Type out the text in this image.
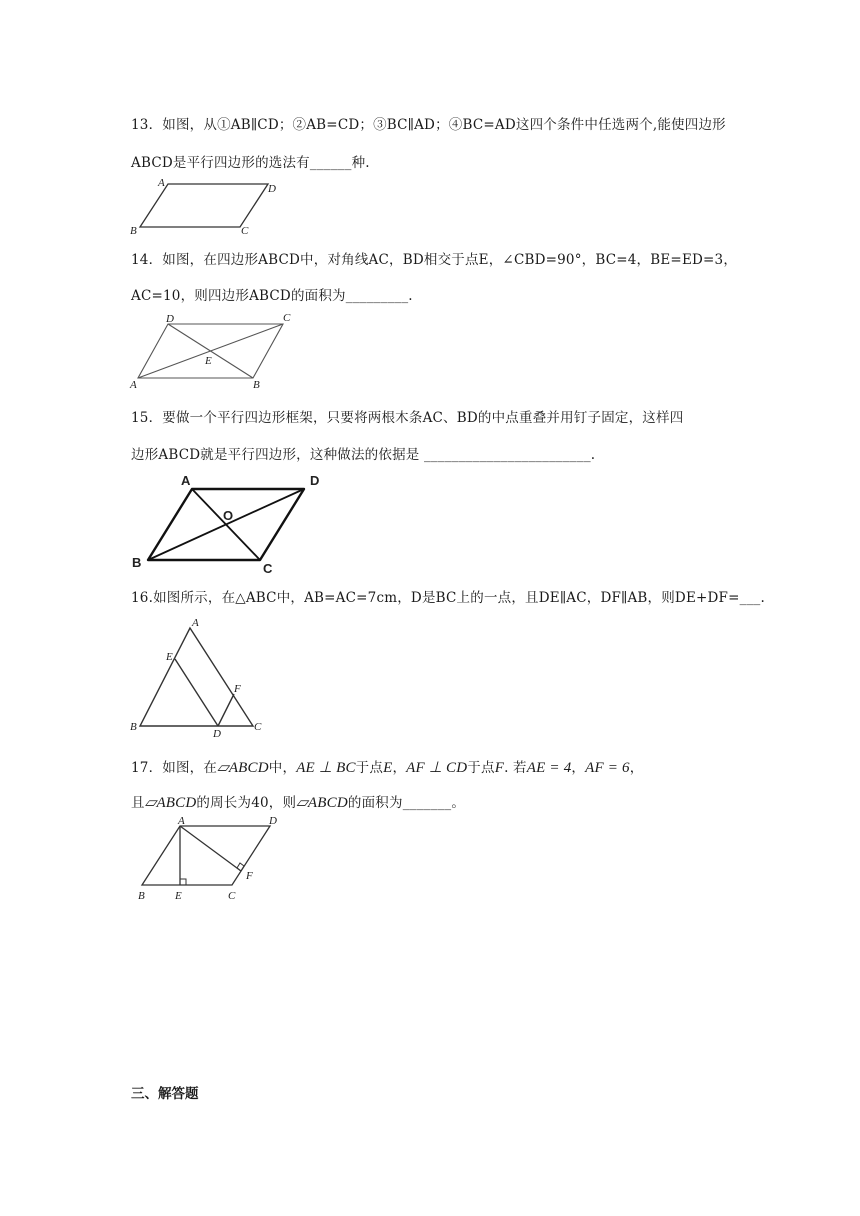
13．如图，从①AB∥CD；②AB=CD；③BC∥AD；④BC=AD这四个条件中任选两个,能使四边形
ABCD是平行四边形的选法有______种.
A	D
B	C
14．如图，在四边形ABCD中，对角线AC，BD相交于点E，∠CBD=90°，BC=4，BE=ED=3，
AC=10，则四边形ABCD的面积为_________.
D	C
A	B
E
15．要做一个平行四边形框架，只要将两根木条AC、BD的中点重叠并用钉子固定，这样四
边形ABCD就是平行四边形，这种做法的依据是 ________________________.
A	D
B	C
O
16.如图所示，在△ABC中，AB=AC=7cm，D是BC上的一点，且DE∥AC，DF∥AB，则DE+DF=___.
A
E
F
B
D
C
17．如图，在▱ABCD中，AE ⊥ BC于点E，AF ⊥ CD于点F. 若AE = 4，AF = 6，
且▱ABCD的周长为40，则▱ABCD的面积为_______。
A	D
B	E	C
F
三、解答题
